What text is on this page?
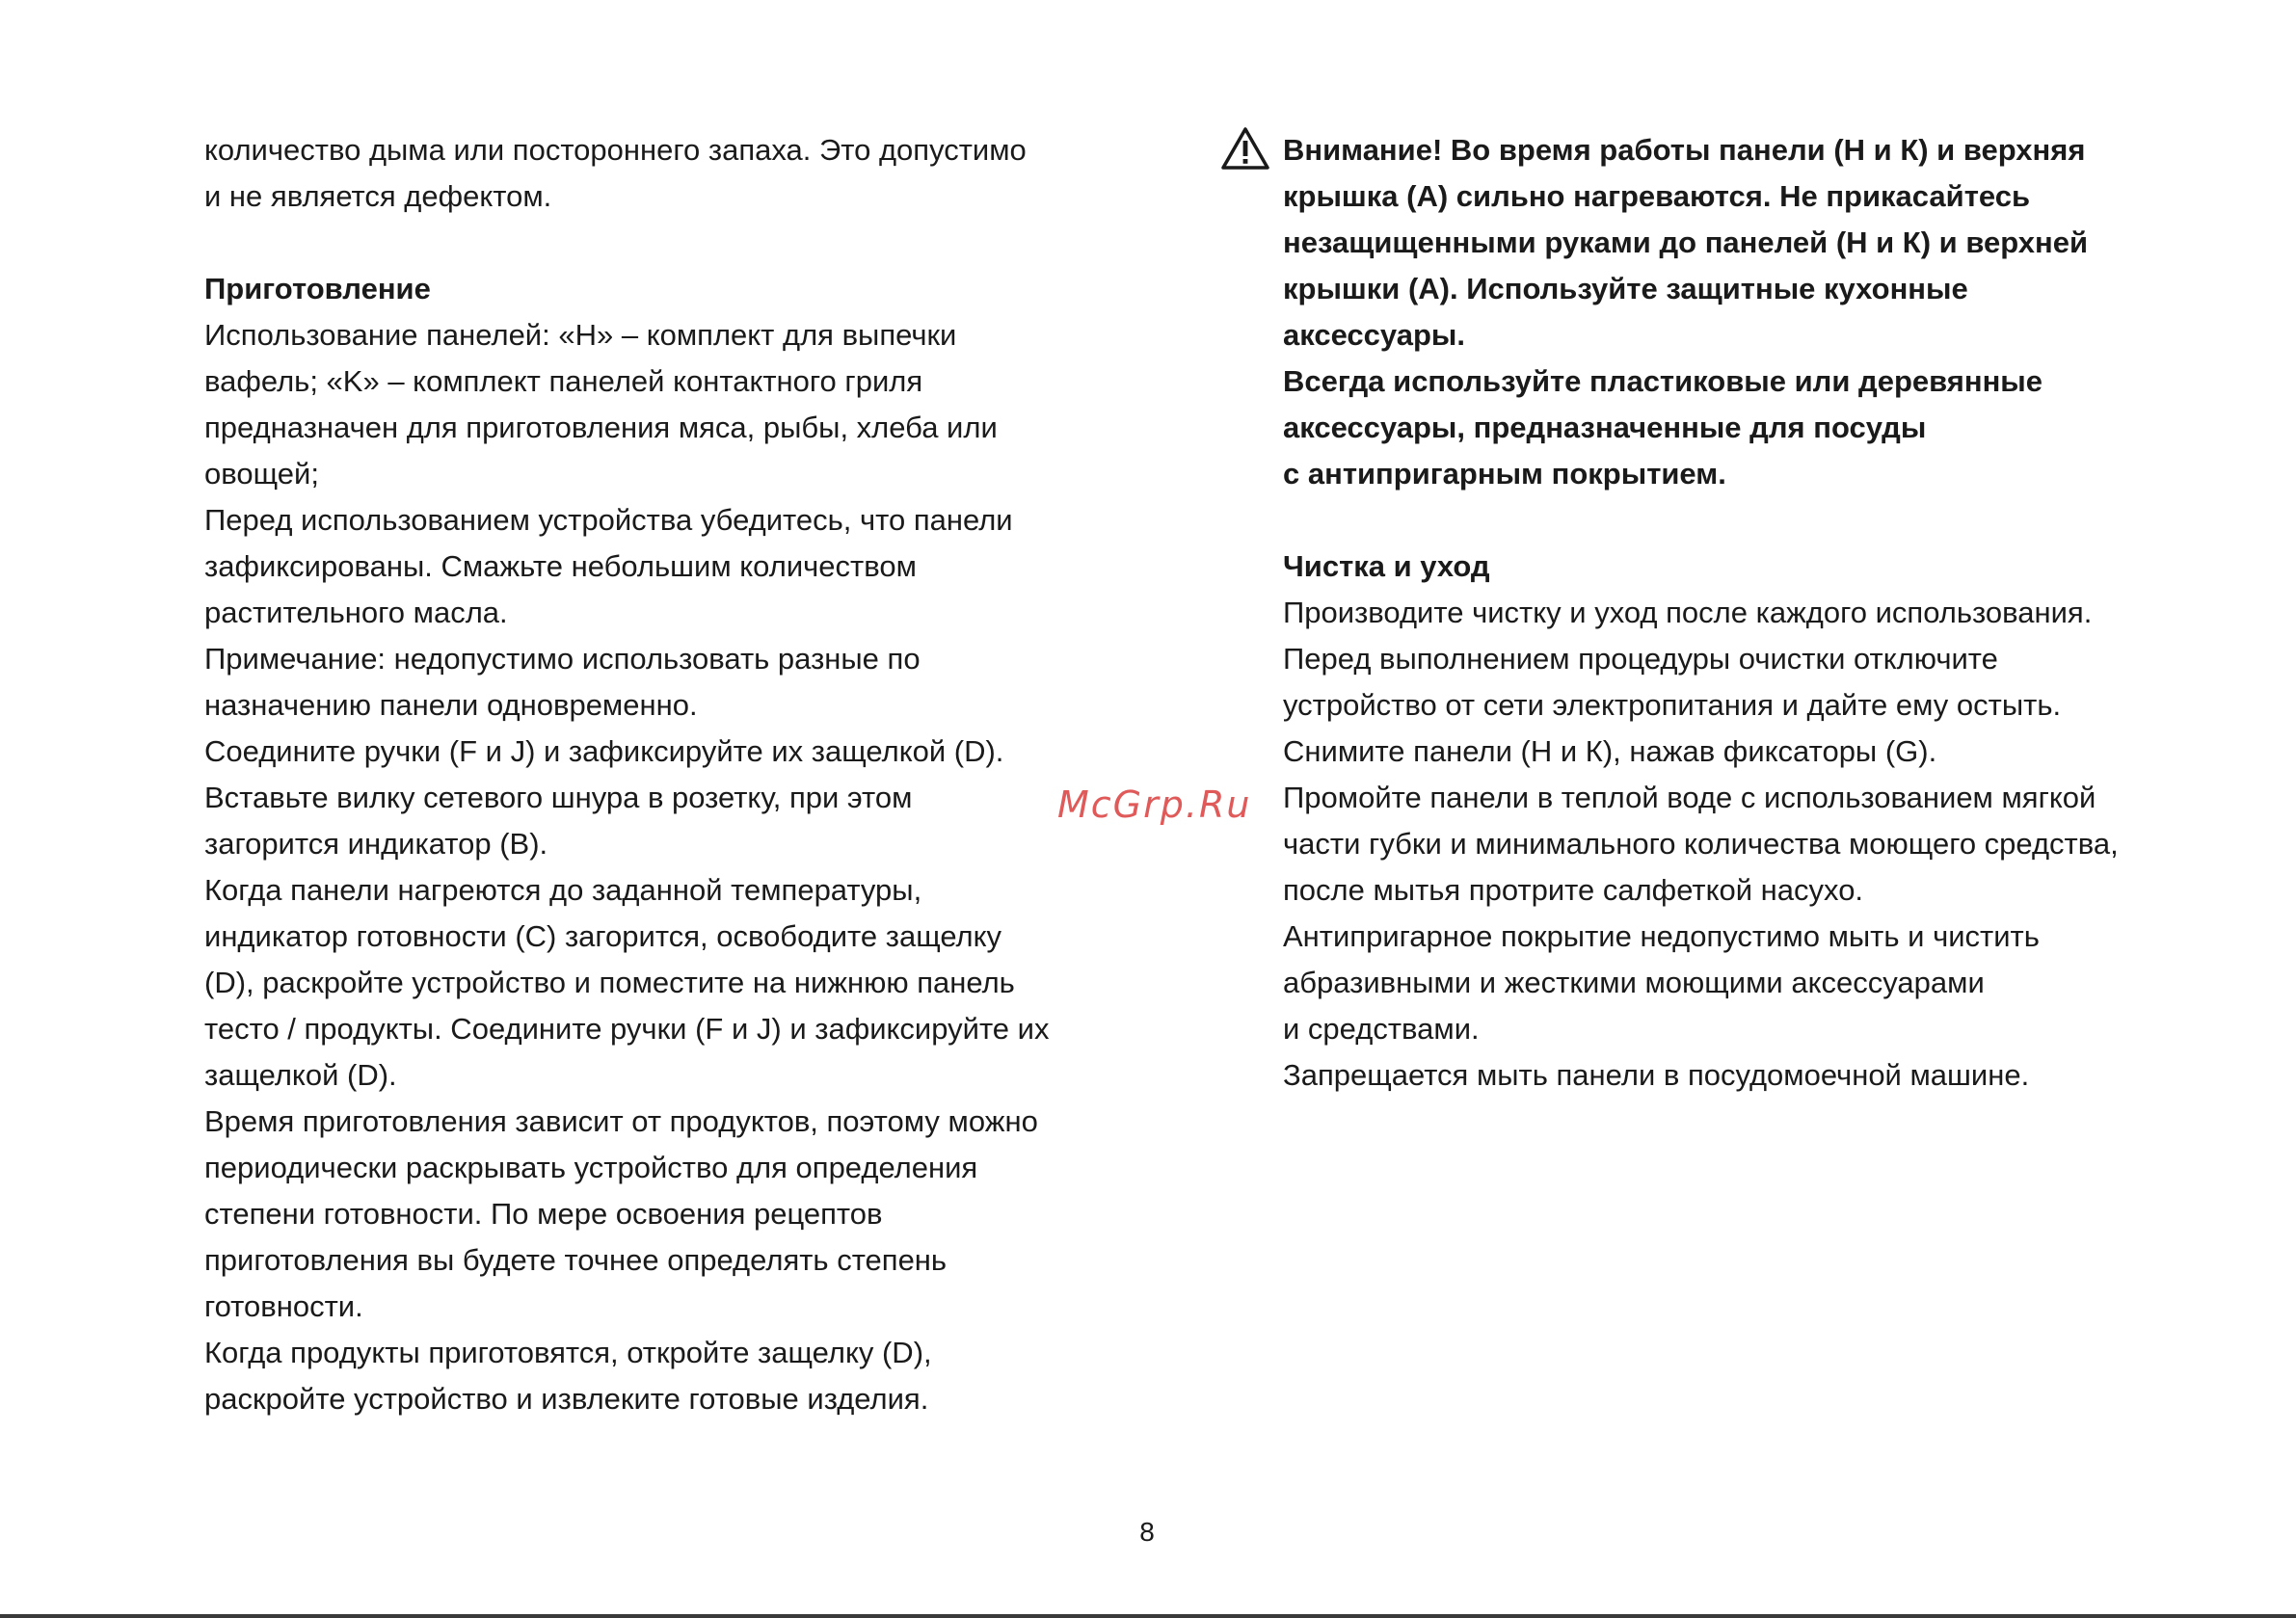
количество дыма или постороннего запаха. Это допустимо
и не является дефектом.
Приготовление
Использование панелей: «H» – комплект для выпечки
вафель; «K» – комплект панелей контактного гриля
предназначен для приготовления мяса, рыбы, хлеба или
овощей;
Перед использованием устройства убедитесь, что панели
зафиксированы. Смажьте небольшим количеством
растительного масла.
Примечание: недопустимо использовать разные по
назначению панели одновременно.
Соедините ручки (F и J) и зафиксируйте их защелкой (D).
Вставьте вилку сетевого шнура в розетку, при этом
загорится индикатор (B).
Когда панели нагреются до заданной температуры,
индикатор готовности (C) загорится, освободите защелку
(D), раскройте устройство и поместите на нижнюю панель
тесто / продукты. Соедините ручки (F и J) и зафиксируйте их
защелкой (D).
Время приготовления зависит от продуктов, поэтому можно
периодически раскрывать устройство для определения
степени готовности. По мере освоения рецептов
приготовления вы будете точнее определять степень
готовности.
Когда продукты приготовятся, откройте защелку (D),
раскройте устройство и извлеките готовые изделия.
Внимание! Во время работы панели (H и К) и верхняя
крышка (A) сильно нагреваются. Не прикасайтесь
незащищенными руками до панелей (H и К) и верхней
крышки (A). Используйте защитные кухонные
аксессуары.
Всегда используйте пластиковые или деревянные
аксессуары, предназначенные для посуды
с антипригарным покрытием.
Чистка и уход
Производите чистку и уход после каждого использования.
Перед выполнением процедуры очистки отключите
устройство от сети электропитания и дайте ему остыть.
Снимите панели (H и К), нажав фиксаторы (G).
Промойте панели в теплой воде с использованием мягкой
части губки и минимального количества моющего средства,
после мытья протрите салфеткой насухо.
Антипригарное покрытие недопустимо мыть и чистить
абразивными и жесткими моющими аксессуарами
и средствами.
Запрещается мыть панели в посудомоечной машине.
McGrp.Ru
8
